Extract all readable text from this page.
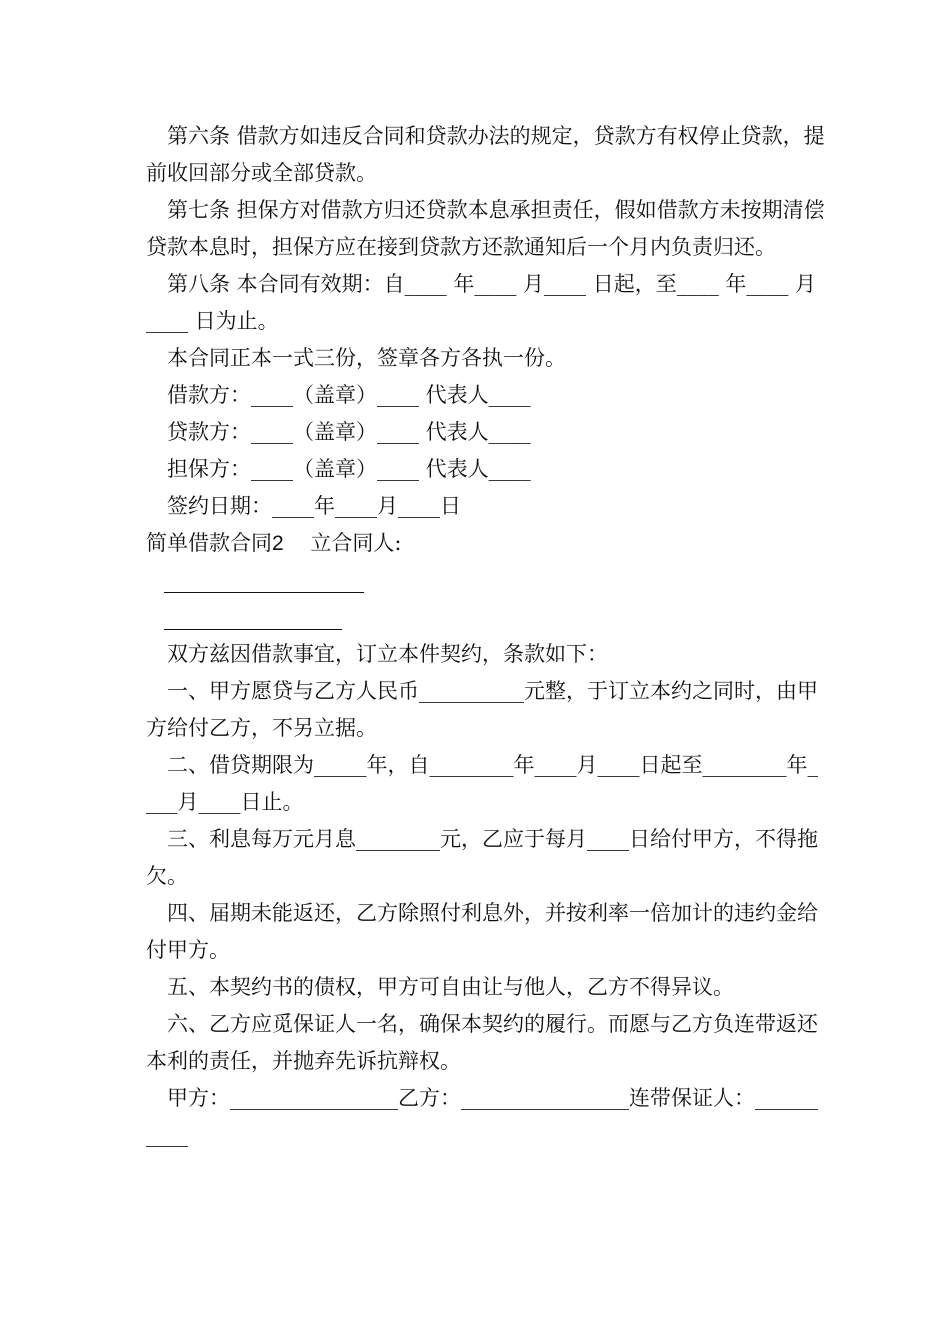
第六条 借款方如违反合同和贷款办法的规定，贷款方有权停止贷款，提前收回部分或全部贷款。

第七条 担保方对借款方归还贷款本息承担责任，假如借款方未按期清偿贷款本息时，担保方应在接到贷款方还款通知后一个月内负责归还。

第八条 本合同有效期：自____ 年____ 月____ 日起，至____ 年____ 月____ 日为止。

本合同正本一式三份，签章各方各执一份。

借款方：____（盖章）____ 代表人____

贷款方：____（盖章）____ 代表人____

担保方：____（盖章）____ 代表人____

签约日期：____年____月____日

简单借款合同2 立合同人:

双方兹因借款事宜，订立本件契约，条款如下：

一、甲方愿贷与乙方人民币__________元整，于订立本约之同时，由甲方给付乙方，不另立据。

二、借贷期限为_____年，自________年____月____日起至________年____月____日止。

三、利息每万元月息________元，乙应于每月____日给付甲方，不得拖欠。

四、届期未能返还，乙方除照付利息外，并按利率一倍加计的违约金给付甲方。

五、本契约书的债权，甲方可自由让与他人，乙方不得异议。

六、乙方应觅保证人一名，确保本契约的履行。而愿与乙方负连带返还本利的责任，并抛弃先诉抗辩权。

甲方：________________乙方：________________连带保证人：__________
